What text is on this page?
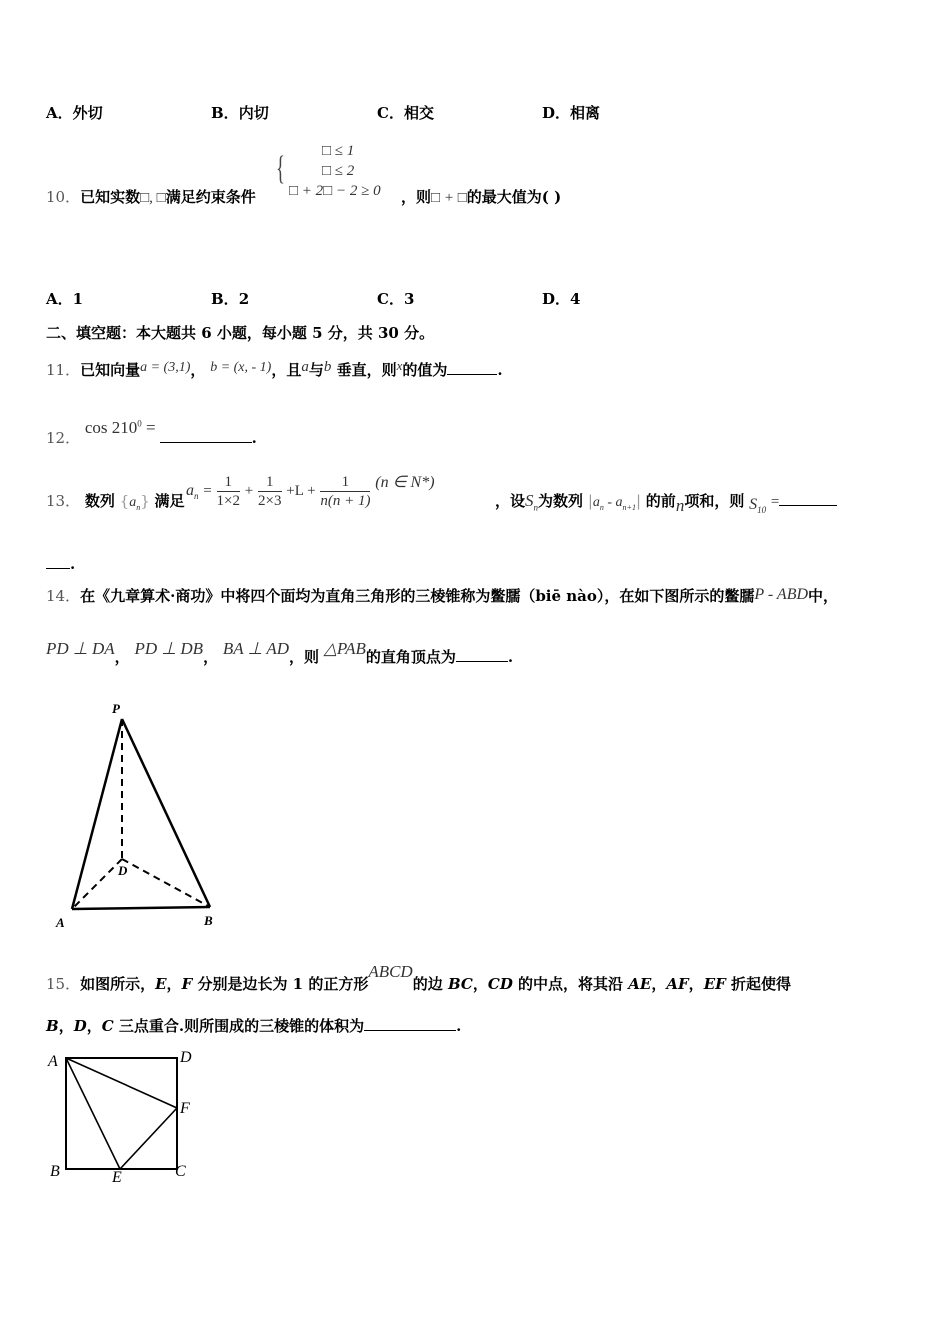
A．外切	B．内切	C．相交	D．相离
10．已知实数□, □满足约束条件
{ □ ≤ 1
□ ≤ 2
□ + 2□ − 2 ≥ 0 ，则□ + □的最大值为( )
A．1	B．2	C．3	D．4
二、填空题：本大题共 6 小题，每小题 5 分，共 30 分。
11．已知向量a = (3,1)， b = (x, - 1)，且a与b 垂直，则x的值为	.
12． $\cos 210^0$ =.
13． 数列 $\{a_n\}$ 满足
$a_n = \frac{1}{1\times 2} + \frac{1}{2\times 3} +L + \frac{1}{n(n + 1)} (n$ ∈ N*)
，设$S_n$为数列 $|a_n - a_{n+1}|$ 的前n项和，则 $S_{10}$ =
.
14．在《九章算术·商功》中将四个面均为直角三角形的三棱锥称为鳖臑（biē nào），在如下图所示的鳖臑P - ABD中，
PD ⊥ DA， PD ⊥ DB， BA ⊥ AD，则 △PAB的直角顶点为	.
P
D
A	B
15．如图所示，E，F 分别是边长为 1 的正方形ABCD的边 BC，CD 的中点，将其沿 AE，AF，EF 折起使得
B，D，C 三点重合.则所围成的三棱锥的体积为	.
A	D
F
B	E	C
